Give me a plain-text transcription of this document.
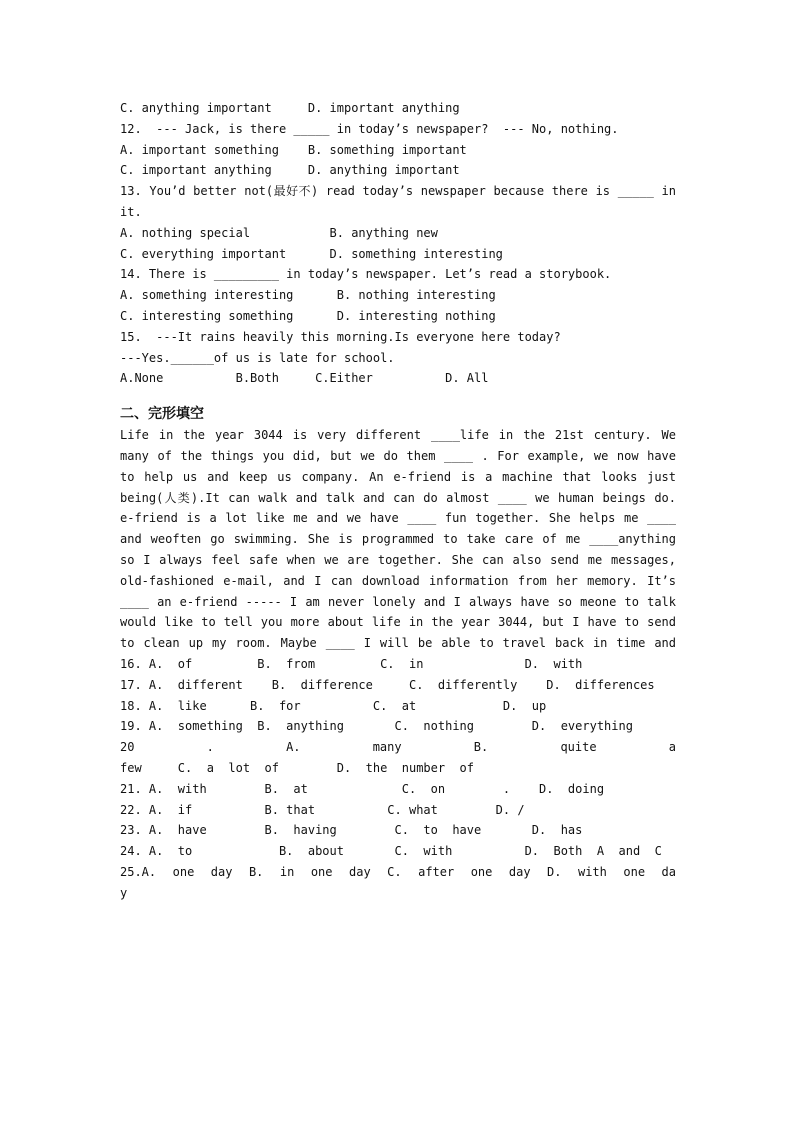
C. anything important     D. important anything
12.  --- Jack, is there _____ in today’s newspaper?  --- No, nothing.
A. important something    B. something important
C. important anything     D. anything important
13. You’d better not(最好不) read today’s newspaper because there is _____ in
it.
A. nothing special           B. anything new
C. everything important      D. something interesting
14. There is _________ in today’s newspaper. Let’s read a storybook.
A. something interesting      B. nothing interesting
C. interesting something      D. interesting nothing
15.  ---It rains heavily this morning.Is everyone here today?
---Yes.______of us is late for school.
A.None          B.Both     C.Either          D. All
二、完形填空
Life in the year 3044 is very different ____life in the 21st century. We
many of the things you did, but we do them ____ . For example, we now have
to help us and keep us company. An e-friend is a machine that looks just
being(人类).It can walk and talk and can do almost ____ we human beings do.
e-friend is a lot like me and we have ____ fun together. She helps me ____
and weoften go swimming. She is programmed to take care of me ____anything
so I always feel safe when we are together. She can also send me messages,
old-fashioned e-mail, and I can download information from her memory. It’s
____ an e-friend ----- I am never lonely and I always have so meone to talk
would like to tell you more about life in the year 3044, but I have to send
to clean up my room. Maybe ____ I will be able to travel back in time and
16. A.  of         B.  from         C.  in              D.  with
17. A.  different    B.  difference     C.  differently    D.  differences
18. A.  like      B.  for          C.  at            D.  up
19. A.  something  B.  anything       C.  nothing        D.  everything
20 . A. many B. quite a
few     C.  a  lot  of        D.  the  number  of
21. A.  with        B.  at             C.  on        .    D.  doing
22. A.  if          B. that          C. what        D. /
23. A.  have        B.  having        C.  to  have       D.  has
24. A.  to            B.  about       C.  with          D.  Both  A  and  C
25.A. one day B. in one day C. after one day D. with one da
y
